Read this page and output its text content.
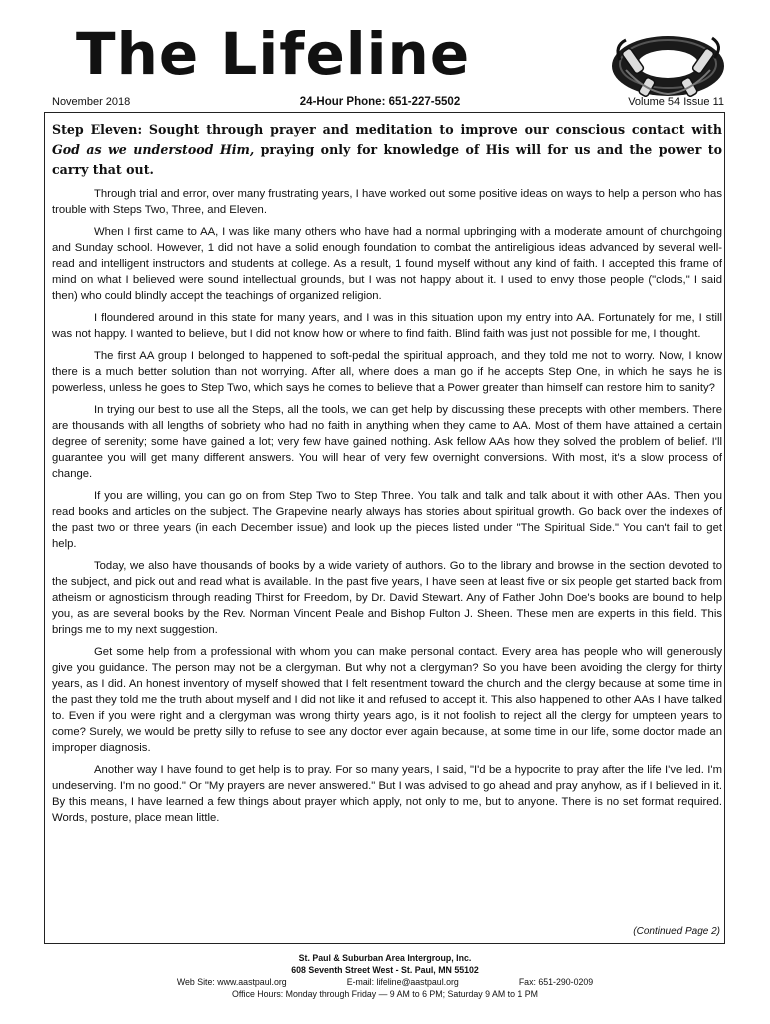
The Lifeline
November 2018	24-Hour Phone: 651-227-5502	Volume 54 Issue 11

Step Eleven: Sought through prayer and meditation to improve our conscious contact with God as we understood Him, praying only for knowledge of His will for us and the power to carry that out.

Through trial and error, over many frustrating years, I have worked out some positive ideas on ways to help a person who has trouble with Steps Two, Three, and Eleven.

When I first came to AA, I was like many others who have had a normal upbringing with a moderate amount of churchgoing and Sunday school. However, 1 did not have a solid enough foundation to combat the antireligious ideas advanced by several well-read and intelligent instructors and students at college. As a result, 1 found myself without any kind of faith. I accepted this frame of mind on what I believed were sound intellectual grounds, but I was not happy about it. I used to envy those people ("clods," I said then) who could blindly accept the teachings of organized religion.

I floundered around in this state for many years, and I was in this situation upon my entry into AA. Fortunately for me, I still was not happy. I wanted to believe, but I did not know how or where to find faith. Blind faith was just not possible for me, I thought.

The first AA group I belonged to happened to soft-pedal the spiritual approach, and they told me not to worry. Now, I know there is a much better solution than not worrying. After all, where does a man go if he accepts Step One, in which he says he is powerless, unless he goes to Step Two, which says he comes to believe that a Power greater than himself can restore him to sanity?

In trying our best to use all the Steps, all the tools, we can get help by discussing these precepts with other members. There are thousands with all lengths of sobriety who had no faith in anything when they came to AA. Most of them have attained a certain degree of serenity; some have gained a lot; very few have gained nothing. Ask fellow AAs how they solved the problem of belief. I'll guarantee you will get many different answers. You will hear of very few overnight conversions. With most, it's a slow process of change.

If you are willing, you can go on from Step Two to Step Three. You talk and talk and talk about it with other AAs. Then you read books and articles on the subject. The Grapevine nearly always has stories about spiritual growth. Go back over the indexes of the past two or three years (in each December issue) and look up the pieces listed under "The Spiritual Side." You can't fail to get help.

Today, we also have thousands of books by a wide variety of authors. Go to the library and browse in the section devoted to the subject, and pick out and read what is available. In the past five years, I have seen at least five or six people get started back from atheism or agnosticism through reading Thirst for Freedom, by Dr. David Stewart. Any of Father John Doe's books are bound to help you, as are several books by the Rev. Norman Vincent Peale and Bishop Fulton J. Sheen. These men are experts in this field. This brings me to my next suggestion.

Get some help from a professional with whom you can make personal contact. Every area has people who will generously give you guidance. The person may not be a clergyman. But why not a clergyman? So you have been avoiding the clergy for thirty years, as I did. An honest inventory of myself showed that I felt resentment toward the church and the clergy because at some time in the past they told me the truth about myself and I did not like it and refused to accept it. This also happened to other AAs I have talked to. Even if you were right and a clergyman was wrong thirty years ago, is it not foolish to reject all the clergy for umpteen years to come? Surely, we would be pretty silly to refuse to see any doctor ever again because, at some time in our life, some doctor made an improper diagnosis.

Another way I have found to get help is to pray. For so many years, I said, "I'd be a hypocrite to pray after the life I've led. I'm undeserving. I'm no good." Or "My prayers are never answered." But I was advised to go ahead and pray anyhow, as if I believed in it. By this means, I have learned a few things about prayer which apply, not only to me, but to anyone. There is no set format required. Words, posture, place mean little.

(Continued Page 2)
St. Paul & Suburban Area Intergroup, Inc.
608 Seventh Street West - St. Paul, MN 55102
Web Site: www.aastpaul.org	E-mail: lifeline@aastpaul.org	Fax: 651-290-0209
Office Hours: Monday through Friday — 9 AM to 6 PM; Saturday 9 AM to 1 PM
